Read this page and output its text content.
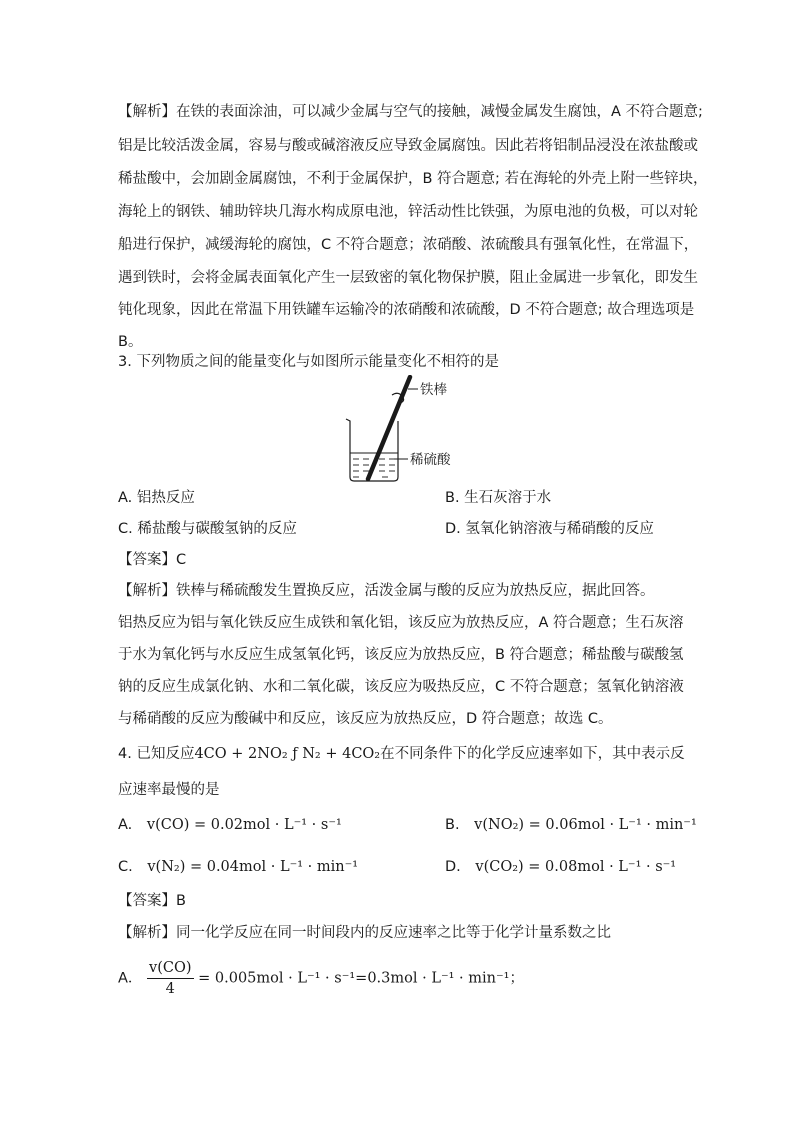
【解析】在铁的表面涂油，可以减少金属与空气的接触，减慢金属发生腐蚀，A 不符合题意;
铝是比较活泼金属，容易与酸或碱溶液反应导致金属腐蚀。因此若将铝制品浸没在浓盐酸或
稀盐酸中，会加剧金属腐蚀，不利于金属保护，B 符合题意; 若在海轮的外壳上附一些锌块，
海轮上的钢铁、辅助锌块几海水构成原电池，锌活动性比铁强，为原电池的负极，可以对轮
船进行保护，减缓海轮的腐蚀，C 不符合题意；浓硝酸、浓硫酸具有强氧化性，在常温下，
遇到铁时，会将金属表面氧化产生一层致密的氧化物保护膜，阻止金属进一步氧化，即发生
钝化现象，因此在常温下用铁罐车运输冷的浓硝酸和浓硫酸，D 不符合题意; 故合理选项是
B。
3. 下列物质之间的能量变化与如图所示能量变化不相符的是
铁棒
稀硫酸
A. 铝热反应	B. 生石灰溶于水
C. 稀盐酸与碳酸氢钠的反应	D. 氢氧化钠溶液与稀硝酸的反应
【答案】C
【解析】铁棒与稀硫酸发生置换反应，活泼金属与酸的反应为放热反应，据此回答。
铝热反应为铝与氧化铁反应生成铁和氧化铝，该反应为放热反应，A 符合题意；生石灰溶
于水为氧化钙与水反应生成氢氧化钙，该反应为放热反应，B 符合题意；稀盐酸与碳酸氢
钠的反应生成氯化钠、水和二氧化碳，该反应为吸热反应，C 不符合题意；氢氧化钠溶液
与稀硝酸的反应为酸碱中和反应，该反应为放热反应，D 符合题意；故选 C。
4. 已知反应4CO + 2NO₂ ƒ N₂ + 4CO₂在不同条件下的化学反应速率如下，其中表示反
应速率最慢的是
A. v(CO) = 0.02mol · L⁻¹ · s⁻¹	B. v(NO₂) = 0.06mol · L⁻¹ · min⁻¹
C. v(N₂) = 0.04mol · L⁻¹ · min⁻¹	D. v(CO₂) = 0.08mol · L⁻¹ · s⁻¹
【答案】B
【解析】同一化学反应在同一时间段内的反应速率之比等于化学计量系数之比
A． $\frac{v(CO)}{4} = 0.005mol \cdot L^{-1} \cdot s^{-1}=0.3mol \cdot L^{-1} \cdot \min^{-1}$；
